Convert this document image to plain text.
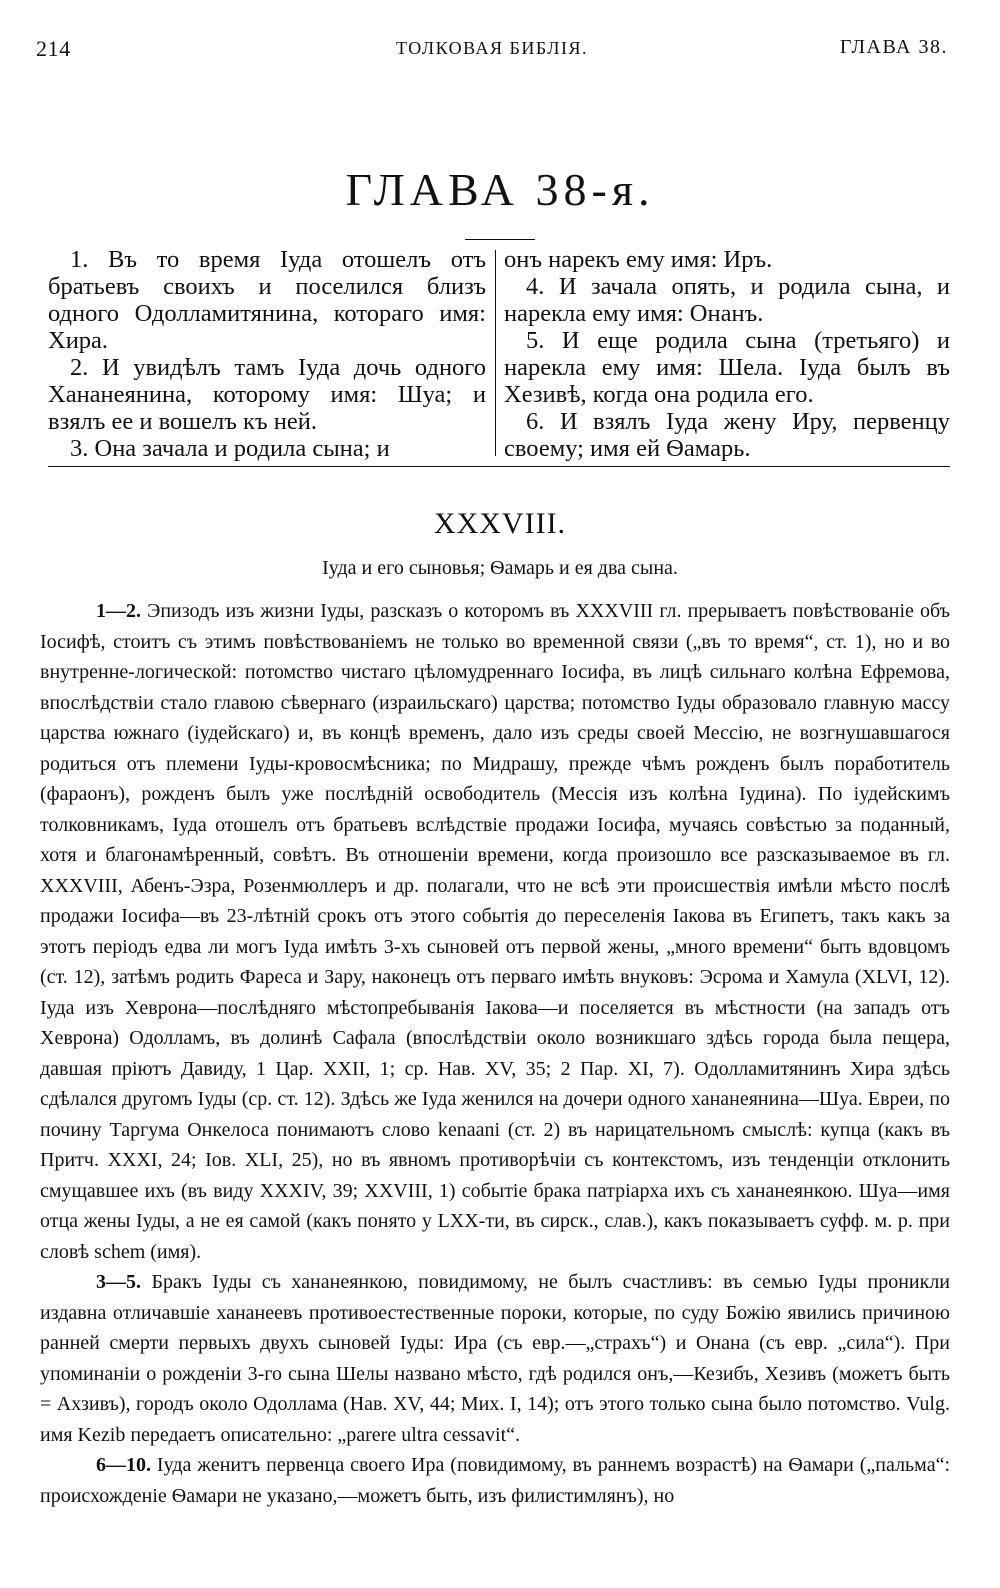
214	ТОЛКОВАЯ БИБЛІЯ.	ГЛАВА 38.
ГЛАВА 38-я.

1. Въ то время Іуда отошелъ отъ братьевъ своихъ и поселился близъ одного Одолламитянина, котораго имя: Хира.

2. И увидѣлъ тамъ Іуда дочь одного Хананеянина, которому имя: Шуа; и взялъ ее и вошелъ къ ней.

3. Она зачала и родила сына; и

онъ нарекъ ему имя: Иръ.

4. И зачала опять, и родила сына, и нарекла ему имя: Онанъ.

5. И еще родила сына (третьяго) и нарекла ему имя: Шела. Іуда былъ въ Хезивѣ, когда она родила его.

6. И взялъ Іуда жену Иру, первенцу своему; имя ей Ѳамарь.

XXXVIII.
Іуда и его сыновья; Ѳамарь и ея два сына.

1—2. Эпизодъ изъ жизни Іуды, разсказъ о которомъ въ XXXVIII гл. прерываетъ повѣствованіе объ Іосифѣ, стоитъ съ этимъ повѣствованіемъ не только во временной связи („въ то время“, ст. 1), но и во внутренне-логической: потомство чистаго цѣломудреннаго Іосифа, въ лицѣ сильнаго колѣна Ефремова, впослѣдствіи стало главою сѣвернаго (израильскаго) царства; потомство Іуды образовало главную массу царства южнаго (іудейскаго) и, въ концѣ временъ, дало изъ среды своей Мессію, не возгнушавшагося родиться отъ племени Іуды-кровосмѣсника; по Мидрашу, прежде чѣмъ рожденъ былъ поработитель (фараонъ), рожденъ былъ уже послѣдній освободитель (Мессія изъ колѣна Іудина). По іудейскимъ толковникамъ, Іуда отошелъ отъ братьевъ вслѣдствіе продажи Іосифа, мучаясь совѣстью за поданный, хотя и благонамѣренный, совѣтъ. Въ отношеніи времени, когда произошло все разсказываемое въ гл. XXXVIII, Абенъ-Эзра, Розенмюллеръ и др. полагали, что не всѣ эти происшествія имѣли мѣсто послѣ продажи Іосифа—въ 23-лѣтній срокъ отъ этого событія до переселенія Іакова въ Египетъ, такъ какъ за этотъ періодъ едва ли могъ Іуда имѣть 3-хъ сыновей отъ первой жены, „много времени“ быть вдовцомъ (ст. 12), затѣмъ родить Фареса и Зару, наконецъ отъ перваго имѣть внуковъ: Эсрома и Хамула (XLVI, 12). Іуда изъ Хеврона—послѣдняго мѣстопребыванія Іакова—и поселяется въ мѣстности (на западъ отъ Хеврона) Одолламъ, въ долинѣ Сафала (впослѣдствіи около возникшаго здѣсь города была пещера, давшая пріютъ Давиду, 1 Цар. XXII, 1; ср. Нав. XV, 35; 2 Пар. XI, 7). Одолламитянинъ Хира здѣсь сдѣлался другомъ Іуды (ср. ст. 12). Здѣсь же Іуда женился на дочери одного хананеянина—Шуа. Евреи, по почину Таргума Онкелоса понимаютъ слово kenaani (ст. 2) въ нарицательномъ смыслѣ: купца (какъ въ Притч. XXXI, 24; Іов. XLI, 25), но въ явномъ противорѣчіи съ контекстомъ, изъ тенденціи отклонить смущавшее ихъ (въ виду XXXIV, 39; XXVIII, 1) событіе брака патріарха ихъ съ хананеянкою. Шуа—имя отца жены Іуды, а не ея самой (какъ понято у LXX-ти, въ сирск., слав.), какъ показываетъ суфф. м. р. при словѣ schem (имя).

3—5. Бракъ Іуды съ хананеянкою, повидимому, не былъ счастливъ: въ семью Іуды проникли издавна отличавшіе хананеевъ противоестественные пороки, которые, по суду Божію явились причиною ранней смерти первыхъ двухъ сыновей Іуды: Ира (съ евр.—„страхъ“) и Онана (съ евр. „сила“). При упоминаніи о рожденіи 3-го сына Шелы названо мѣсто, гдѣ родился онъ,—Кезибъ, Хезивъ (можетъ быть = Ахзивъ), городъ около Одоллама (Нав. XV, 44; Мих. I, 14); отъ этого только сына было потомство. Vulg. имя Kezib передаетъ описательно: „parere ultra cessavit“.

6—10. Іуда женитъ первенца своего Ира (повидимому, въ раннемъ возрастѣ) на Ѳамари („пальма“: происхожденіе Ѳамари не указано,—можетъ быть, изъ филистимлянъ), но
